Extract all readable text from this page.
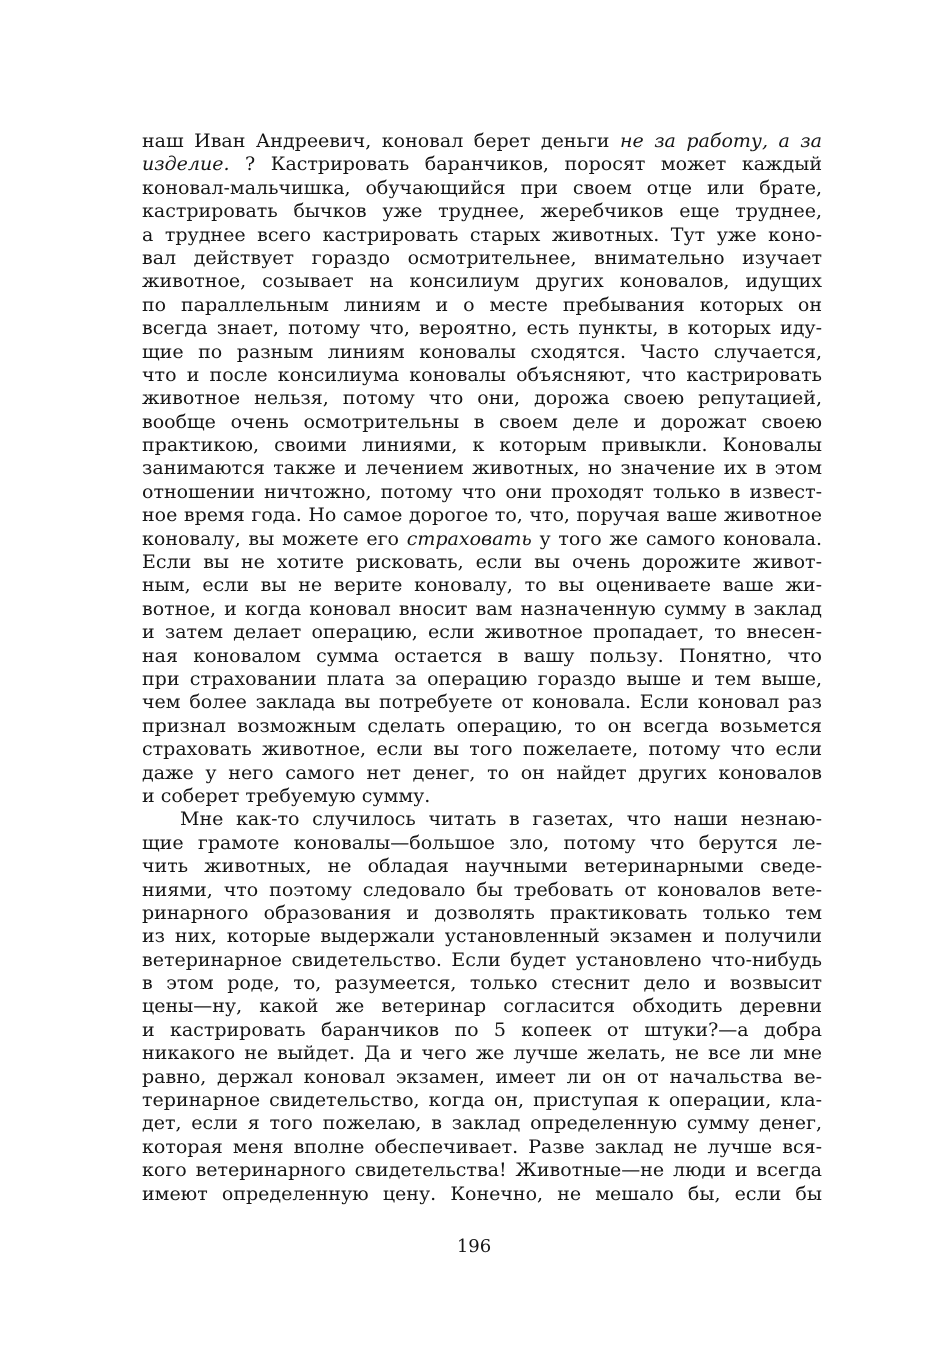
наш Иван Андреевич, коновал берет деньги не за работу, а за
изделие. ? Кастрировать баранчиков, поросят может каждый
коновал-мальчишка, обучающийся при своем отце или брате,
кастрировать бычков уже труднее, жеребчиков еще труднее,
а труднее всего кастрировать старых животных. Тут уже коно-
вал действует гораздо осмотрительнее, внимательно изучает
животное, созывает на консилиум других коновалов, идущих
по параллельным линиям и о месте пребывания которых он
всегда знает, потому что, вероятно, есть пункты, в которых иду-
щие по разным линиям коновалы сходятся. Часто случается,
что и после консилиума коновалы объясняют, что кастрировать
животное нельзя, потому что они, дорожа своею репутацией,
вообще очень осмотрительны в своем деле и дорожат своею
практикою, своими линиями, к которым привыкли. Коновалы
занимаются также и лечением животных, но значение их в этом
отношении ничтожно, потому что они проходят только в извест-
ное время года. Но самое дорогое то, что, поручая ваше животное
коновалу, вы можете его страховать у того же самого коновала.
Если вы не хотите рисковать, если вы очень дорожите живот-
ным, если вы не верите коновалу, то вы оцениваете ваше жи-
вотное, и когда коновал вносит вам назначенную сумму в заклад
и затем делает операцию, если животное пропадает, то внесен-
ная коновалом сумма остается в вашу пользу. Понятно, что
при страховании плата за операцию гораздо выше и тем выше,
чем более заклада вы потребуете от коновала. Если коновал раз
признал возможным сделать операцию, то он всегда возьмется
страховать животное, если вы того пожелаете, потому что если
даже у него самого нет денег, то он найдет других коновалов
и соберет требуемую сумму.
Мне как-то случилось читать в газетах, что наши незнаю-
щие грамоте коновалы—большое зло, потому что берутся ле-
чить животных, не обладая научными ветеринарными сведе-
ниями, что поэтому следовало бы требовать от коновалов вете-
ринарного образования и дозволять практиковать только тем
из них, которые выдержали установленный экзамен и получили
ветеринарное свидетельство. Если будет установлено что-нибудь
в этом роде, то, разумеется, только стеснит дело и возвысит
цены—ну, какой же ветеринар согласится обходить деревни
и кастрировать баранчиков по 5 копеек от штуки?—а добра
никакого не выйдет. Да и чего же лучше желать, не все ли мне
равно, держал коновал экзамен, имеет ли он от начальства ве-
теринарное свидетельство, когда он, приступая к операции, кла-
дет, если я того пожелаю, в заклад определенную сумму денег,
которая меня вполне обеспечивает. Разве заклад не лучше вся-
кого ветеринарного свидетельства! Животные—не люди и всегда
имеют определенную цену. Конечно, не мешало бы, если бы
196
